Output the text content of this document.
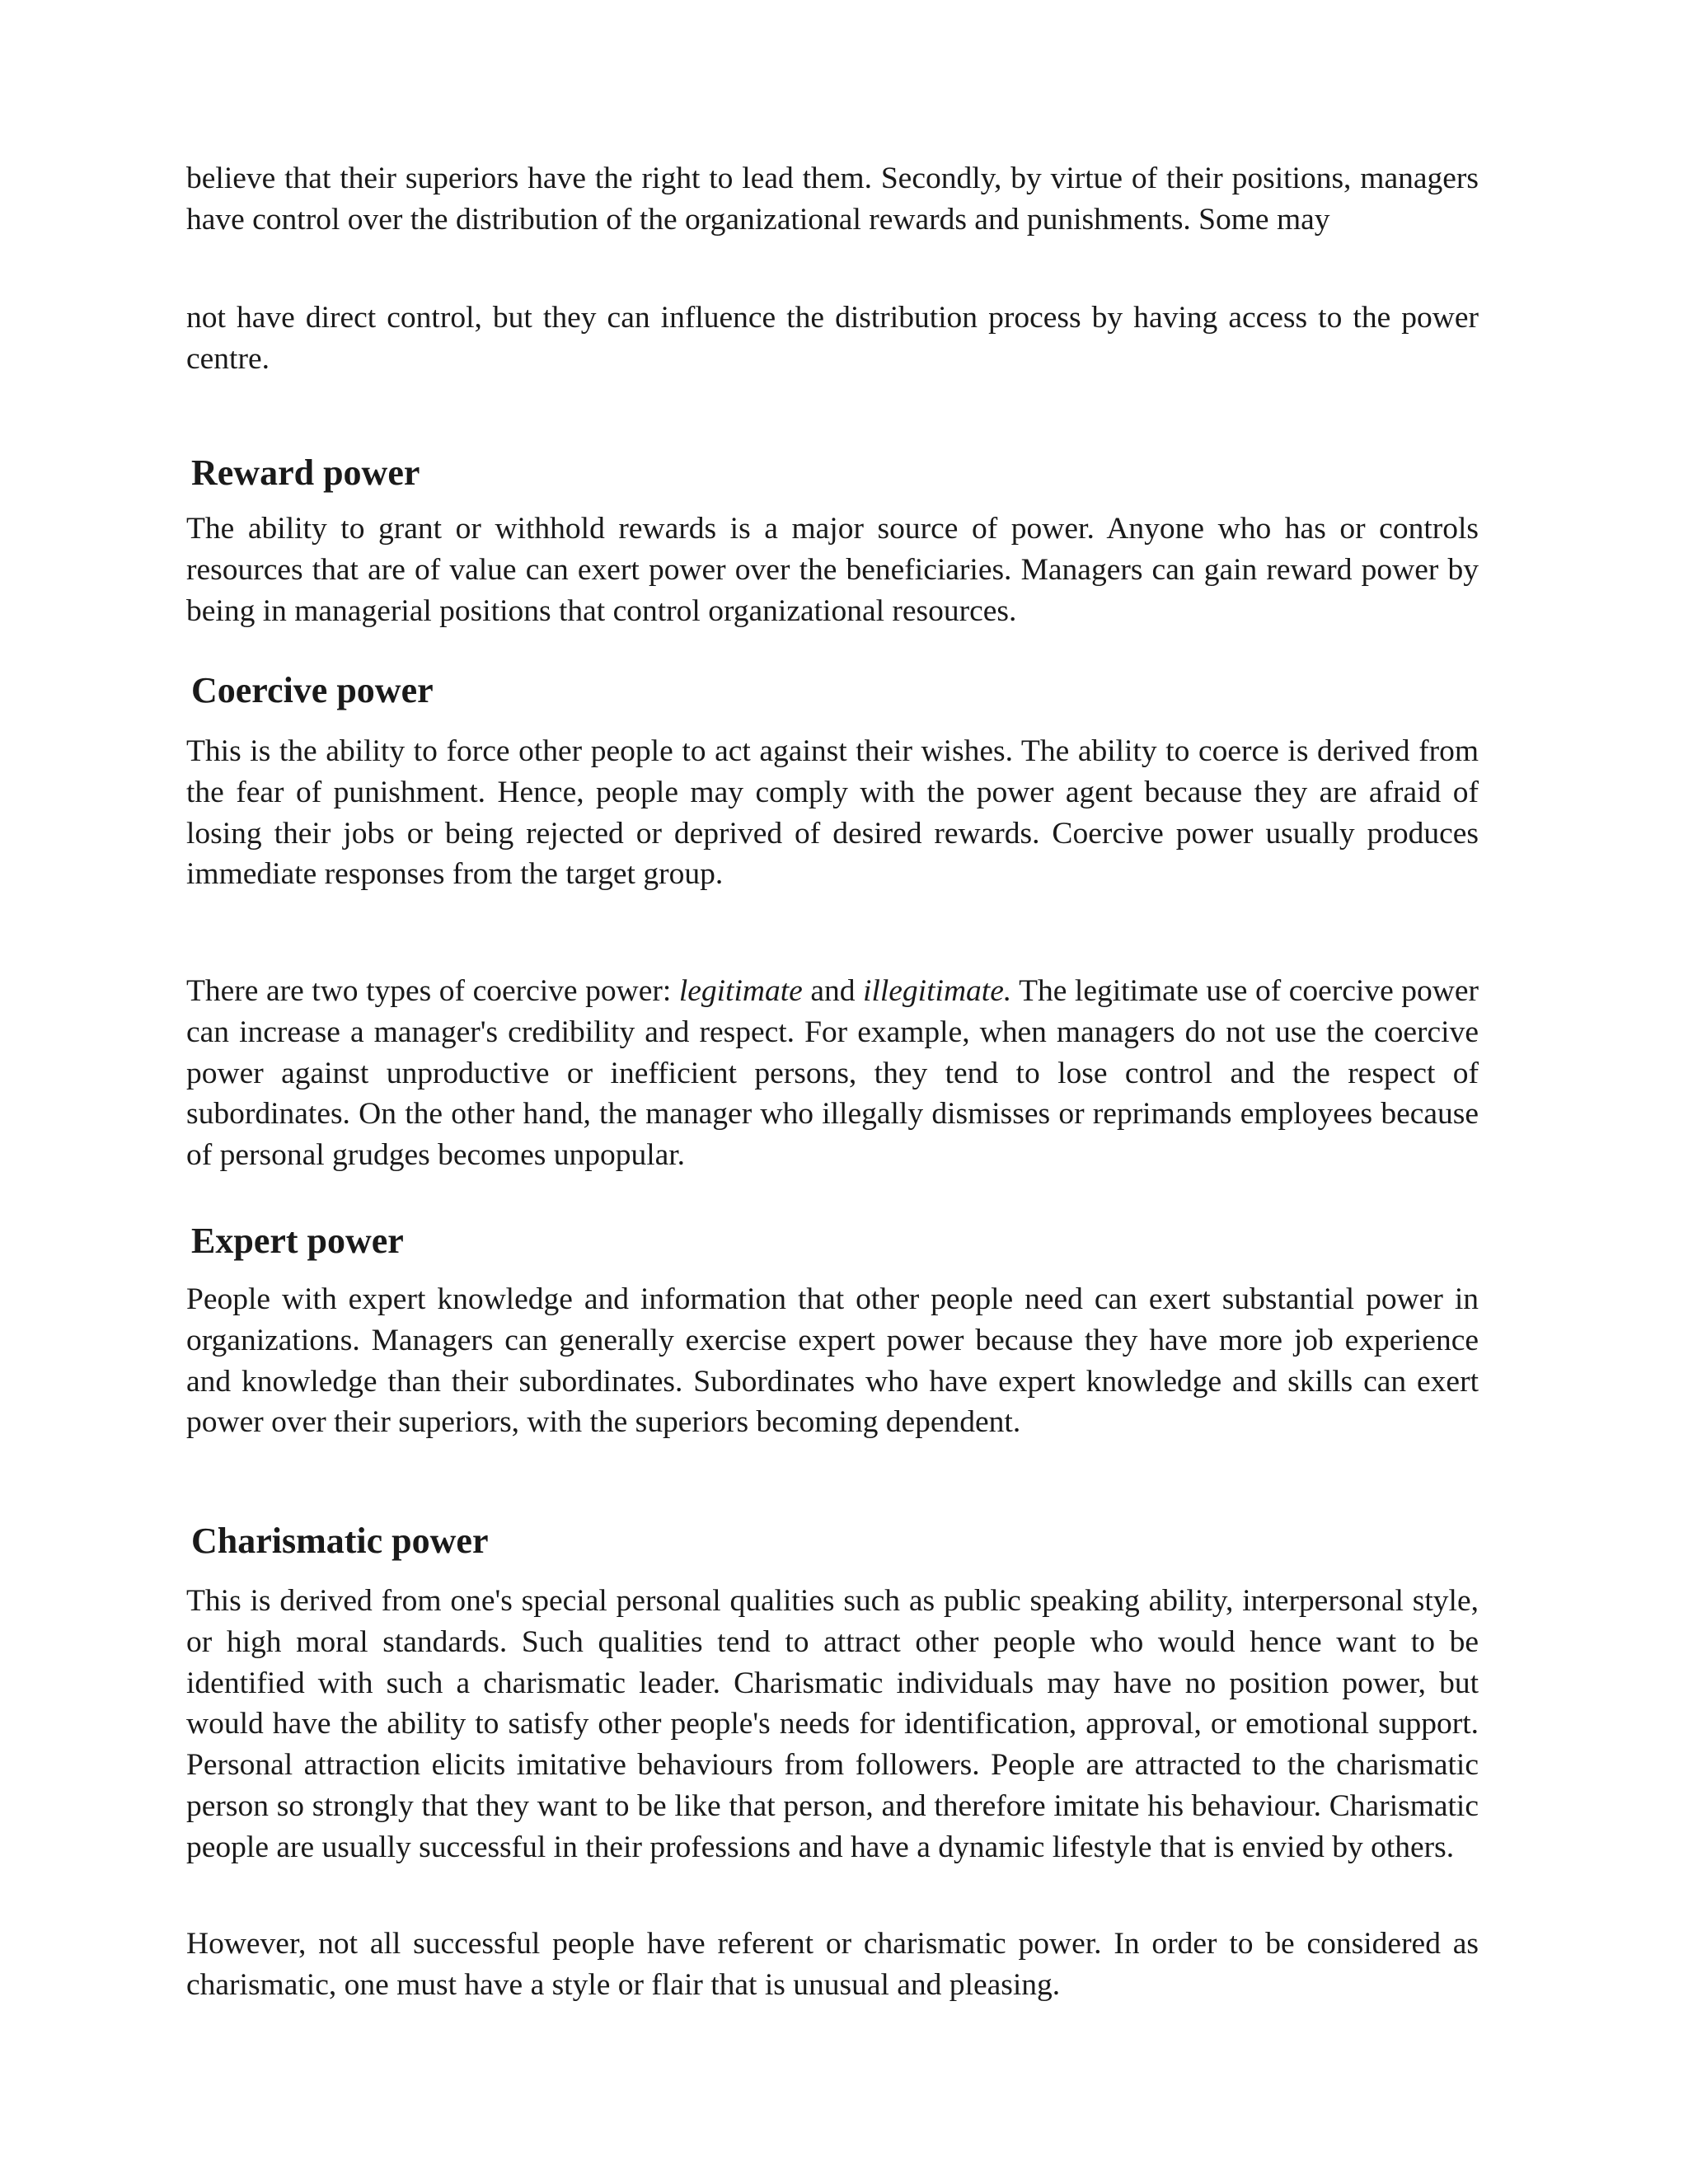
believe that their superiors have the right to lead them. Secondly, by virtue of their positions, managers have control over the distribution of the organizational rewards and punishments. Some may

not have direct control, but they can influence the distribution process by having access to the power centre.

Reward power

The ability to grant or withhold rewards is a major source of power. Anyone who has or controls resources that are of value can exert power over the beneficiaries. Managers can gain reward power by being in managerial positions that control organizational resources.

Coercive power

This is the ability to force other people to act against their wishes. The ability to coerce is derived from the fear of punishment. Hence, people may comply with the power agent because they are afraid of losing their jobs or being rejected or deprived of desired rewards. Coercive power usually produces immediate responses from the target group.

There are two types of coercive power: legitimate and illegitimate. The legitimate use of coercive power can increase a manager's credibility and respect. For example, when managers do not use the coercive power against unproductive or inefficient persons, they tend to lose control and the respect of subordinates. On the other hand, the manager who illegally dismisses or reprimands employees because of personal grudges becomes unpopular.

Expert power

People with expert knowledge and information that other people need can exert substantial power in organizations. Managers can generally exercise expert power because they have more job experience and knowledge than their subordinates. Subordinates who have expert knowledge and skills can exert power over their superiors, with the superiors becoming dependent.

Charismatic power

This is derived from one's special personal qualities such as public speaking ability, interpersonal style, or high moral standards. Such qualities tend to attract other people who would hence want to be identified with such a charismatic leader. Charismatic individuals may have no position power, but would have the ability to satisfy other people's needs for identification, approval, or emotional support. Personal attraction elicits imitative behaviours from followers. People are attracted to the charismatic person so strongly that they want to be like that person, and therefore imitate his behaviour. Charismatic people are usually successful in their professions and have a dynamic lifestyle that is envied by others.

However, not all successful people have referent or charismatic power. In order to be considered as charismatic, one must have a style or flair that is unusual and pleasing.
